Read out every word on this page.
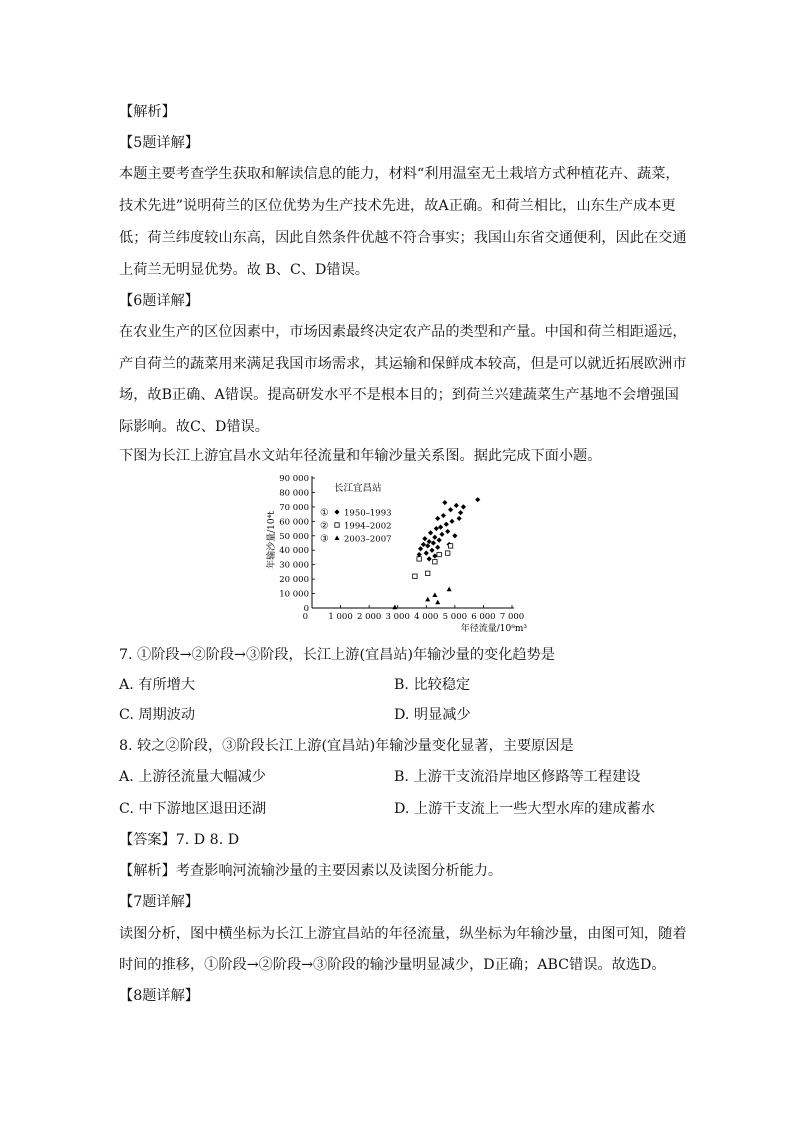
【解析】
【5题详解】
本题主要考查学生获取和解读信息的能力，材料“利用温室无土栽培方式种植花卉、蔬菜，
技术先进”说明荷兰的区位优势为生产技术先进，故A正确。和荷兰相比，山东生产成本更
低；荷兰纬度较山东高，因此自然条件优越不符合事实；我国山东省交通便利，因此在交通
上荷兰无明显优势。故 B、C、D错误。
【6题详解】
在农业生产的区位因素中，市场因素最终决定农产品的类型和产量。中国和荷兰相距遥远，
产自荷兰的蔬菜用来满足我国市场需求，其运输和保鲜成本较高，但是可以就近拓展欧洲市
场，故B正确、A错误。提高研发水平不是根本目的；到荷兰兴建蔬菜生产基地不会增强国
际影响。故C、D错误。
下图为长江上游宜昌水文站年径流量和年输沙量关系图。据此完成下面小题。
0
10 000
20 000
30 000
40 000
50 000
60 000
70 000
80 000
90 000
0 1 000 2 000 3 000 4 000 5 000 6 000 7 000
年径流量/10⁸m³
年输沙量/10⁴t
长江宜昌站
① 1950–1993
② 1994–2002
③ 2003–2007
7. ①阶段→②阶段→③阶段，长江上游(宜昌站)年输沙量的变化趋势是
A. 有所增大	B. 比较稳定
C. 周期波动	D. 明显减少
8. 较之②阶段，③阶段长江上游(宜昌站)年输沙量变化显著，主要原因是
A. 上游径流量大幅减少	B. 上游干支流沿岸地区修路等工程建设
C. 中下游地区退田还湖	D. 上游干支流上一些大型水库的建成蓄水
【答案】7. D 8. D
【解析】考查影响河流输沙量的主要因素以及读图分析能力。
【7题详解】
读图分析，图中横坐标为长江上游宜昌站的年径流量，纵坐标为年输沙量，由图可知，随着
时间的推移，①阶段→②阶段→③阶段的输沙量明显减少，D正确；ABC错误。故选D。
【8题详解】
